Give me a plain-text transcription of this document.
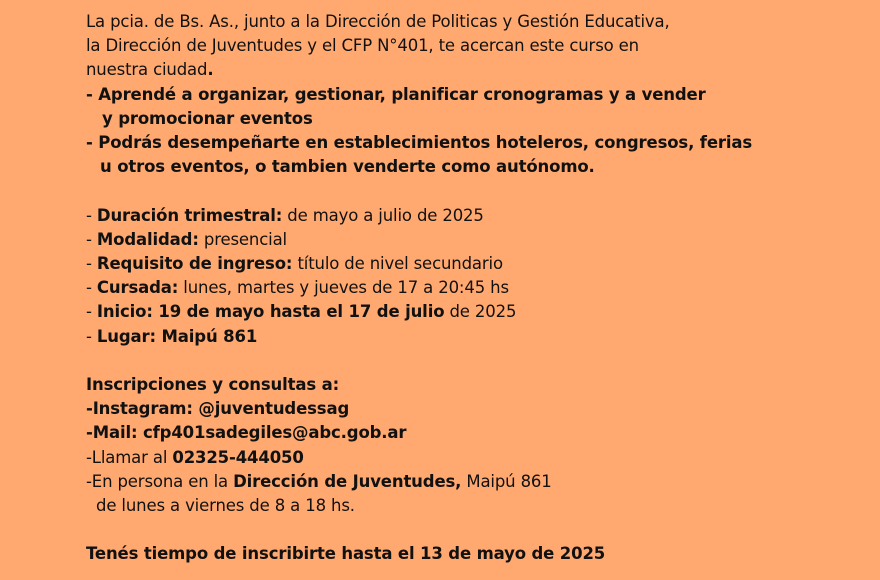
La pcia. de Bs. As., junto a la Dirección de Politicas y Gestión Educativa,

la Dirección de Juventudes y el CFP N°401, te acercan este curso en

nuestra ciudad.

- Aprendé a organizar, gestionar, planificar cronogramas y a vender

y promocionar eventos

- Podrás desempeñarte en establecimientos hoteleros, congresos, ferias

u otros eventos, o tambien venderte como autónomo.

- Duración trimestral: de mayo a julio de 2025

- Modalidad: presencial

- Requisito de ingreso: título de nivel secundario

- Cursada: lunes, martes y jueves de 17 a 20:45 hs

- Inicio: 19 de mayo hasta el 17 de julio de 2025

- Lugar: Maipú 861

Inscripciones y consultas a:

-Instagram: @juventudessag

-Mail: cfp401sadegiles@abc.gob.ar

-Llamar al 02325-444050

-En persona en la Dirección de Juventudes, Maipú 861

de lunes a viernes de 8 a 18 hs.

Tenés tiempo de inscribirte hasta el 13 de mayo de 2025
